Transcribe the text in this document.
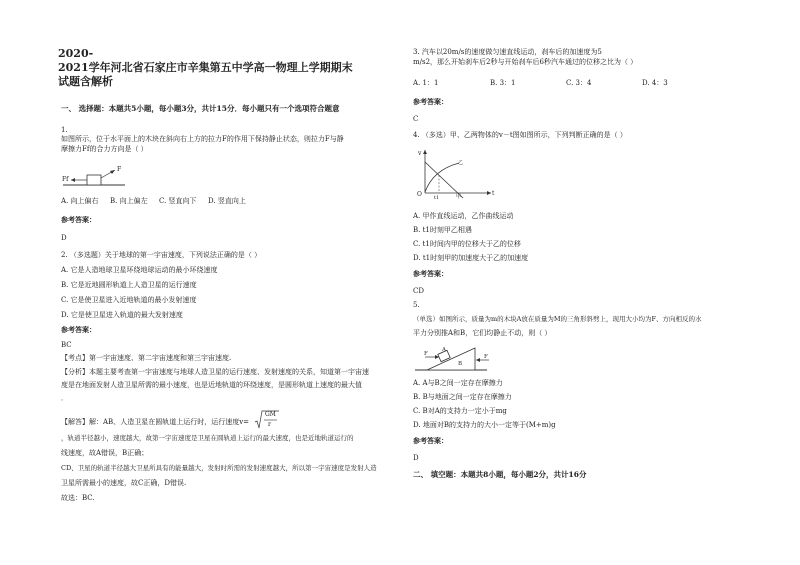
2020-
2021学年河北省石家庄市辛集第五中学高一物理上学期期末
试题含解析
一、 选择题：本题共5小题，每小题3分，共计15分．每小题只有一个选项符合题意
1.
如图所示，位于水平面上的木块在斜向右上方的拉力F的作用下保持静止状态，则拉力F与静
摩擦力Ff的合力方向是（ ）
Ff
F
A. 向上偏右 B. 向上偏左 C. 竖直向下 D. 竖直向上
参考答案：
D
2. （多选题）关于地球的第一宇宙速度，下列说法正确的是（ ）
A. 它是人造地球卫星环绕地球运动的最小环绕速度
B. 它是近地圆形轨道上人造卫星的运行速度
C. 它是使卫星进入近地轨道的最小发射速度
D. 它是使卫星进入轨道的最大发射速度
参考答案：
BC
【考点】第一宇宙速度、第二宇宙速度和第三宇宙速度.
【分析】本题主要考查第一宇宙速度与地球人造卫星的运行速度、发射速度的关系，知道第一宇宙速
度是在地面发射人造卫星所需的最小速度，也是近地轨道的环绕速度，是圆形轨道上速度的最大值
．
【解答】解：AB、人造卫星在圆轨道上运行时，运行速度v=
GM
r
，轨道半径越小，速度越大，故第一宇宙速度是卫星在圆轨道上运行的最大速度，也是近地轨道运行的
线速度，故A错误，B正确；
CD、卫星的轨道半径越大卫星所具有的能量越大，发射时所需的发射速度越大，所以第一宇宙速度是发射人造
卫星所需最小的速度，故C正确，D错误.
故选：BC.
3. 汽车以20m/s的速度做匀速直线运动，刹车后的加速度为5
m/s2，那么开始刹车后2秒与开始刹车后6秒汽车通过的位移之比为（ ）
A. 1：1	B. 3：1	C. 3：4	D. 4：3
参考答案：
C
4. （多选）甲、乙两物体的v－t图如图所示，下列判断正确的是（ ）
v
t
O t1	甲
乙
A. 甲作直线运动，乙作曲线运动
B. t1时刻甲乙相遇
C. t1时间内甲的位移大于乙的位移
D. t1时刻甲的加速度大于乙的加速度
参考答案：
CD
5.
（单选）如图所示，质量为m的木块A放在质量为M的三角形斜劈上，现用大小均为F、方向相反的水
平力分别推A和B，它们均静止不动，则（ ）
A
B
F	F
A. A与B之间一定存在摩擦力
B. B与地面之间一定存在摩擦力
C. B对A的支持力一定小于mg
D. 地面对B的支持力的大小一定等于(M+m)g
参考答案：
D
二、 填空题：本题共8小题，每小题2分，共计16分
